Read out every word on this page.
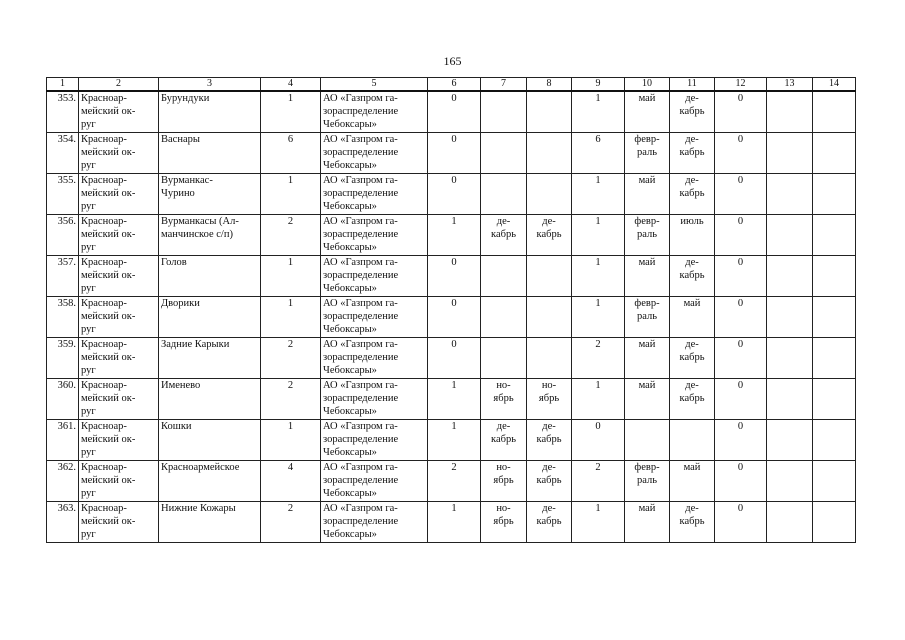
165
1	2	3	4	5	6	7	8	9	10	11	12	13	14
353.	Красноар-
мейский ок-
руг	Бурундуки	1	АО «Газпром га-
зораспределение
Чебоксары»	0			1	май	де-
кабрь	0		
354.	Красноар-
мейский ок-
руг	Васнары	6	АО «Газпром га-
зораспределение
Чебоксары»	0			6	февр-
раль	де-
кабрь	0		
355.	Красноар-
мейский ок-
руг	Вурманкас-
Чурино	1	АО «Газпром га-
зораспределение
Чебоксары»	0			1	май	де-
кабрь	0		
356.	Красноар-
мейский ок-
руг	Вурманкасы (Ал-
манчинское с/п)	2	АО «Газпром га-
зораспределение
Чебоксары»	1	де-
кабрь	де-
кабрь	1	февр-
раль	июль	0		
357.	Красноар-
мейский ок-
руг	Голов	1	АО «Газпром га-
зораспределение
Чебоксары»	0			1	май	де-
кабрь	0		
358.	Красноар-
мейский ок-
руг	Дворики	1	АО «Газпром га-
зораспределение
Чебоксары»	0			1	февр-
раль	май	0		
359.	Красноар-
мейский ок-
руг	Задние Карыки	2	АО «Газпром га-
зораспределение
Чебоксары»	0			2	май	де-
кабрь	0		
360.	Красноар-
мейский ок-
руг	Именево	2	АО «Газпром га-
зораспределение
Чебоксары»	1	но-
ябрь	но-
ябрь	1	май	де-
кабрь	0		
361.	Красноар-
мейский ок-
руг	Кошки	1	АО «Газпром га-
зораспределение
Чебоксары»	1	де-
кабрь	де-
кабрь	0			0		
362.	Красноар-
мейский ок-
руг	Красноармейское	4	АО «Газпром га-
зораспределение
Чебоксары»	2	но-
ябрь	де-
кабрь	2	февр-
раль	май	0		
363.	Красноар-
мейский ок-
руг	Нижние Кожары	2	АО «Газпром га-
зораспределение
Чебоксары»	1	но-
ябрь	де-
кабрь	1	май	де-
кабрь	0		
